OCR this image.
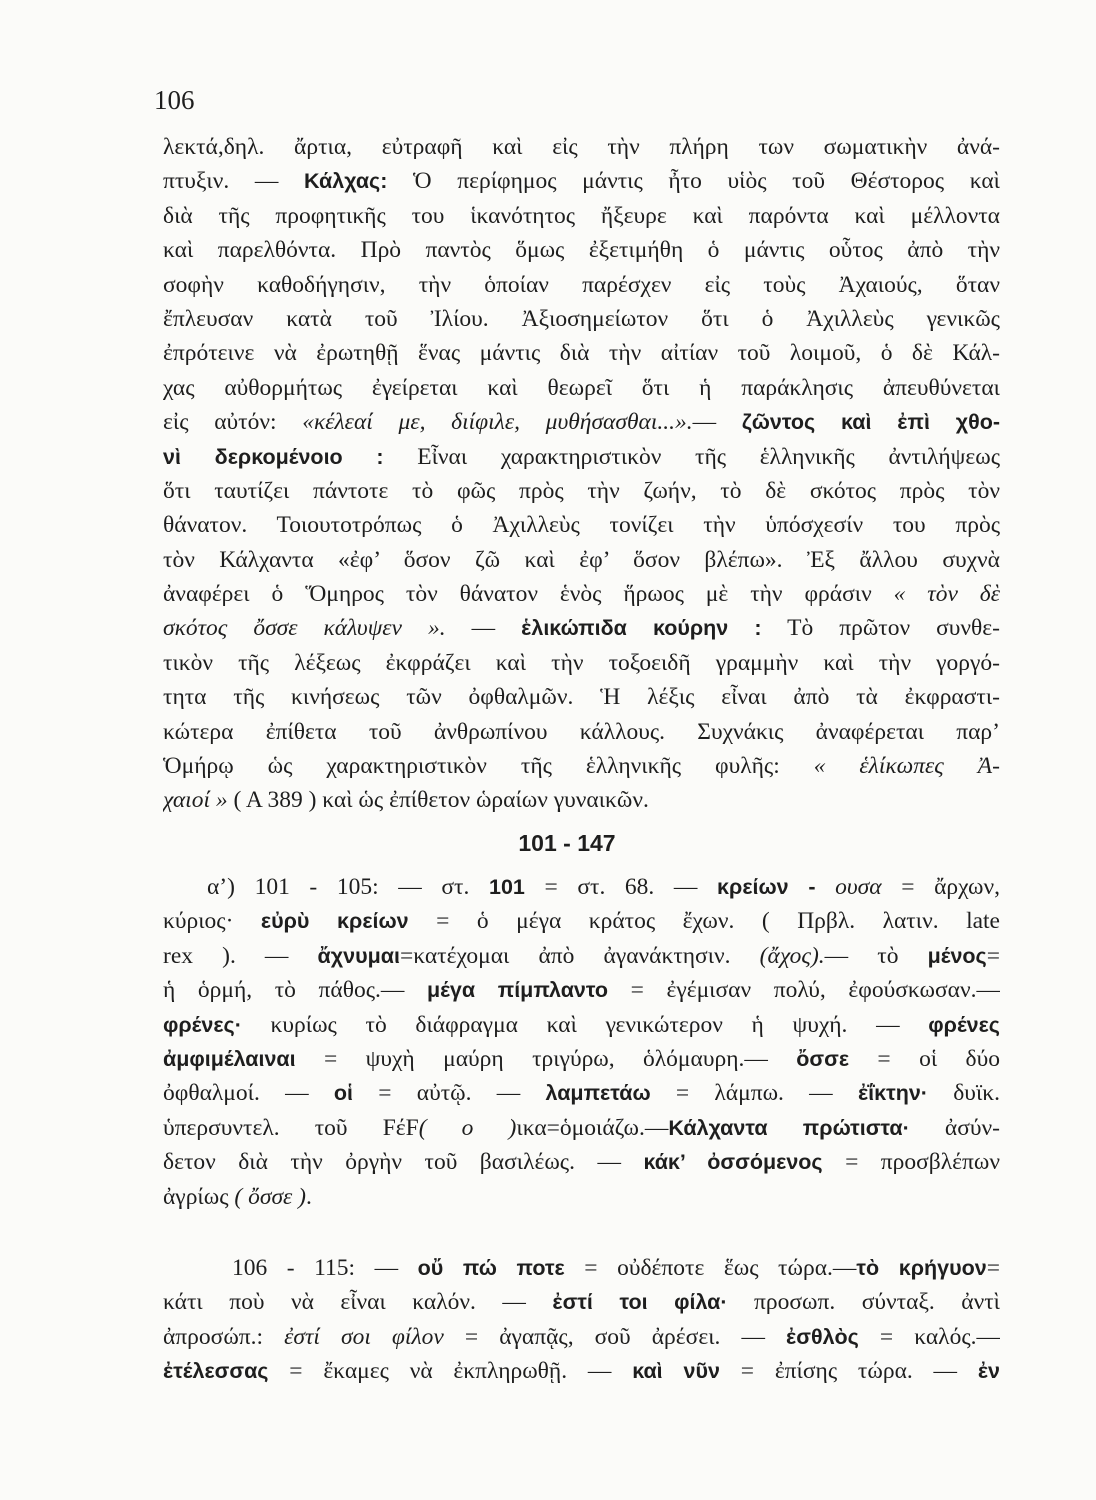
106
λεκτά,δηλ. ἄρτια, εὐτραφῆ καὶ εἰς τὴν πλήρη των σωματικὴν ἀνά-
πτυξιν. — Κάλχας: Ὁ περίφημος μάντις ἦτο υἱὸς τοῦ Θέστορος καὶ
διὰ τῆς προφητικῆς του ἱκανότητος ἤξευρε καὶ παρόντα καὶ μέλλοντα
καὶ παρελθόντα. Πρὸ παντὸς ὅμως ἐξετιμήθη ὁ μάντις οὗτος ἀπὸ τὴν
σοφὴν καθοδήγησιν, τὴν ὁποίαν παρέσχεν εἰς τοὺς Ἀχαιούς, ὅταν
ἔπλευσαν κατὰ τοῦ Ἰλίου. Ἀξιοσημείωτον ὅτι ὁ Ἀχιλλεὺς γενικῶς
ἐπρότεινε νὰ ἐρωτηθῇ ἕνας μάντις διὰ τὴν αἰτίαν τοῦ λοιμοῦ, ὁ δὲ Κάλ-
χας αὐθορμήτως ἐγείρεται καὶ θεωρεῖ ὅτι ἡ παράκλησις ἀπευθύνεται
εἰς αὐτόν: «κέλεαί με, διίφιλε, μυθήσασθαι...».— ζῶντος καὶ ἐπὶ χθο-
νὶ δερκομένοιο : Εἶναι χαρακτηριστικὸν τῆς ἑλληνικῆς ἀντιλήψεως
ὅτι ταυτίζει πάντοτε τὸ φῶς πρὸς τὴν ζωήν, τὸ δὲ σκότος πρὸς τὸν
θάνατον. Τοιουτοτρόπως ὁ Ἀχιλλεὺς τονίζει τὴν ὑπόσχεσίν του πρὸς
τὸν Κάλχαντα «ἐφ’ ὅσον ζῶ καὶ ἐφ’ ὅσον βλέπω». Ἐξ ἄλλου συχνὰ
ἀναφέρει ὁ Ὅμηρος τὸν θάνατον ἑνὸς ἥρωος μὲ τὴν φράσιν « τὸν δὲ
σκότος ὄσσε κάλυψεν ». — ἑλικώπιδα κούρην : Τὸ πρῶτον συνθε-
τικὸν τῆς λέξεως ἐκφράζει καὶ τὴν τοξοειδῆ γραμμὴν καὶ τὴν γοργό-
τητα τῆς κινήσεως τῶν ὀφθαλμῶν. Ἡ λέξις εἶναι ἀπὸ τὰ ἐκφραστι-
κώτερα ἐπίθετα τοῦ ἀνθρωπίνου κάλλους. Συχνάκις ἀναφέρεται παρ’
Ὁμήρῳ ὡς χαρακτηριστικὸν τῆς ἑλληνικῆς φυλῆς: « ἑλίκωπες Ἀ-
χαιοί » ( Α 389 ) καὶ ὡς ἐπίθετον ὡραίων γυναικῶν.
101 - 147
α’) 101 - 105: — στ. 101 = στ. 68. — κρείων - ουσα = ἄρχων,
κύριος· εὐρὺ κρείων = ὁ μέγα κράτος ἔχων. ( Πρβλ. λατιν. late
rex ). — ἄχνυμαι=κατέχομαι ἀπὸ ἀγανάκτησιν. (ἄχος).— τὸ μένος=
ἡ ὁρμή, τὸ πάθος.— μέγα πίμπλαντο = ἐγέμισαν πολύ, ἐφούσκωσαν.—
φρένες· κυρίως τὸ διάφραγμα καὶ γενικώτερον ἡ ψυχή. — φρένες
ἀμφιμέλαιναι = ψυχὴ μαύρη τριγύρω, ὁλόμαυρη.— ὄσσε = οἱ δύο
ὀφθαλμοί. — οἱ = αὐτῷ. — λαμπετάω = λάμπω. — ἐΐκτην· δυϊκ.
ὑπερσυντελ. τοῦ FέF( ο )ικα=ὁμοιάζω.—Κάλχαντα πρώτιστα· ἀσύν-
δετον διὰ τὴν ὀργὴν τοῦ βασιλέως. — κάκ’ ὀσσόμενος = προσβλέπων
ἀγρίως ( ὄσσε ).
106 - 115: — οὔ πώ ποτε = οὐδέποτε ἕως τώρα.—τὸ κρήγυον=
κάτι ποὺ νὰ εἶναι καλόν. — ἐστί τοι φίλα· προσωπ. σύνταξ. ἀντὶ
ἀπροσώπ.: ἐστί σοι φίλον = ἀγαπᾷς, σοῦ ἀρέσει. — ἐσθλὸς = καλός.—
ἐτέλεσσας = ἔκαμες νὰ ἐκπληρωθῇ. — καὶ νῦν = ἐπίσης τώρα. — ἐν
